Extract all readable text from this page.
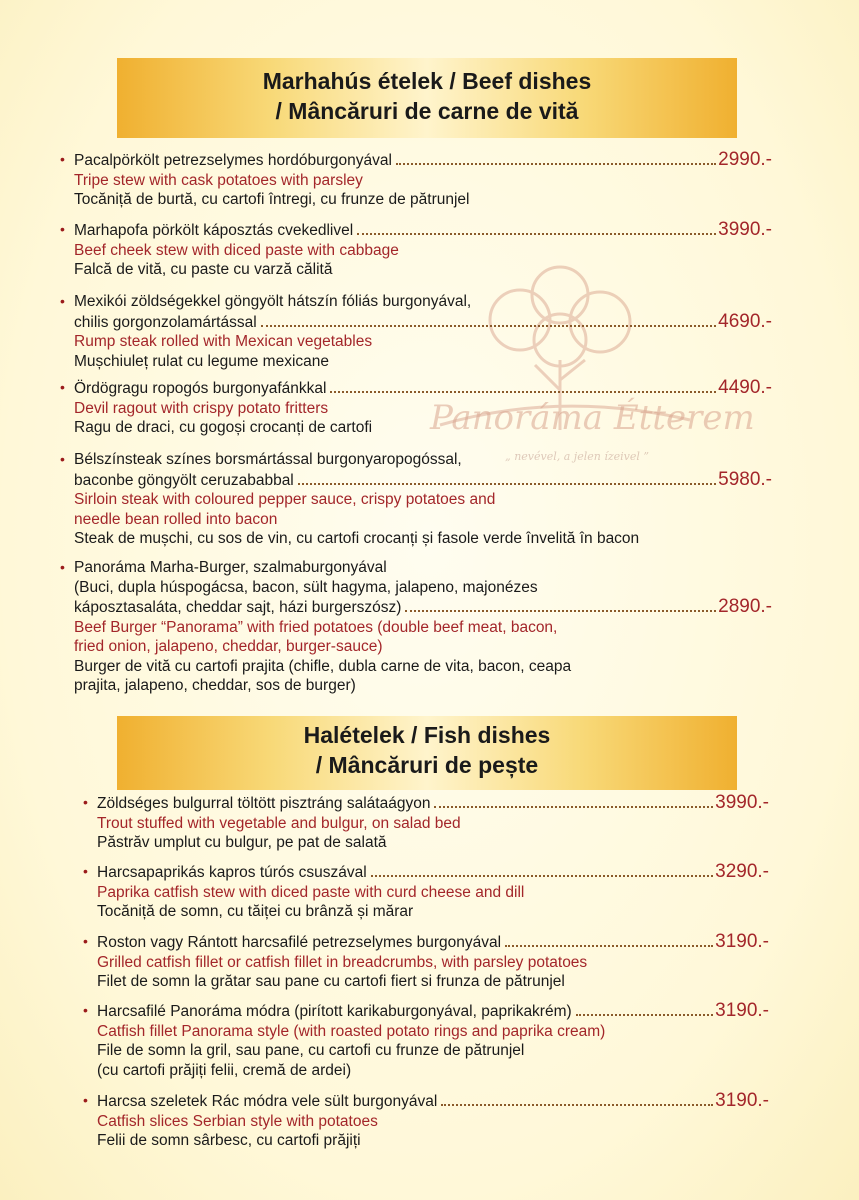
Panoráma Étterem
„ nevével, a jelen ízeivel ”
Marhahús ételek / Beef dishes
/ Mâncăruri de carne de vită
Halételek / Fish dishes
/ Mâncăruri de pește
• Pacalpörkölt petrezselymes hordóburgonyával	2990.-
Tripe stew with cask potatoes with parsley
Tocăniță de burtă, cu cartofi întregi, cu frunze de pătrunjel
• Marhapofa pörkölt káposztás cvekedlivel	3990.-
Beef cheek stew with diced paste with cabbage
Falcă de vită, cu paste cu varză călită
• Mexikói zöldségekkel göngyölt hátszín fóliás burgonyával,
chilis gorgonzolamártással	4690.-
Rump steak rolled with Mexican vegetables
Mușchiuleț rulat cu legume mexicane
• Ördögragu ropogós burgonyafánkkal	4490.-
Devil ragout with crispy potato fritters
Ragu de draci, cu gogoși crocanți de cartofi
• Bélszínsteak színes borsmártással burgonyaropogóssal,
baconbe göngyölt ceruzababbal	5980.-
Sirloin steak with coloured pepper sauce, crispy potatoes and
needle bean rolled into bacon
Steak de mușchi, cu sos de vin, cu cartofi crocanți și fasole verde învelită în bacon
• Panoráma Marha-Burger, szalmaburgonyával
(Buci, dupla húspogácsa, bacon, sült hagyma, jalapeno, majonézes
káposztasaláta, cheddar sajt, házi burgerszósz)	2890.-
Beef Burger “Panorama” with fried potatoes (double beef meat, bacon,
fried onion, jalapeno, cheddar, burger-sauce)
Burger de vită cu cartofi prajita (chifle, dubla carne de vita, bacon, ceapa
prajita, jalapeno, cheddar, sos de burger)
• Zöldséges bulgurral töltött pisztráng salátaágyon	3990.-
Trout stuffed with vegetable and bulgur, on salad bed
Păstrăv umplut cu bulgur, pe pat de salată
• Harcsapaprikás kapros túrós csuszával	3290.-
Paprika catfish stew with diced paste with curd cheese and dill
Tocăniță de somn, cu tăiței cu brânză și mărar
• Roston vagy Rántott harcsafilé petrezselymes burgonyával	3190.-
Grilled catfish fillet or catfish fillet in breadcrumbs, with parsley potatoes
Filet de somn la grătar sau pane cu cartofi fiert si frunza de pătrunjel
• Harcsafilé Panoráma módra (pirított karikaburgonyával, paprikakrém)	3190.-
Catfish fillet Panorama style (with roasted potato rings and paprika cream)
File de somn la gril, sau pane, cu cartofi cu frunze de pătrunjel
(cu cartofi prăjiți felii, cremă de ardei)
• Harcsa szeletek Rác módra vele sült burgonyával	3190.-
Catfish slices Serbian style with potatoes
Felii de somn sârbesc, cu cartofi prăjiți
